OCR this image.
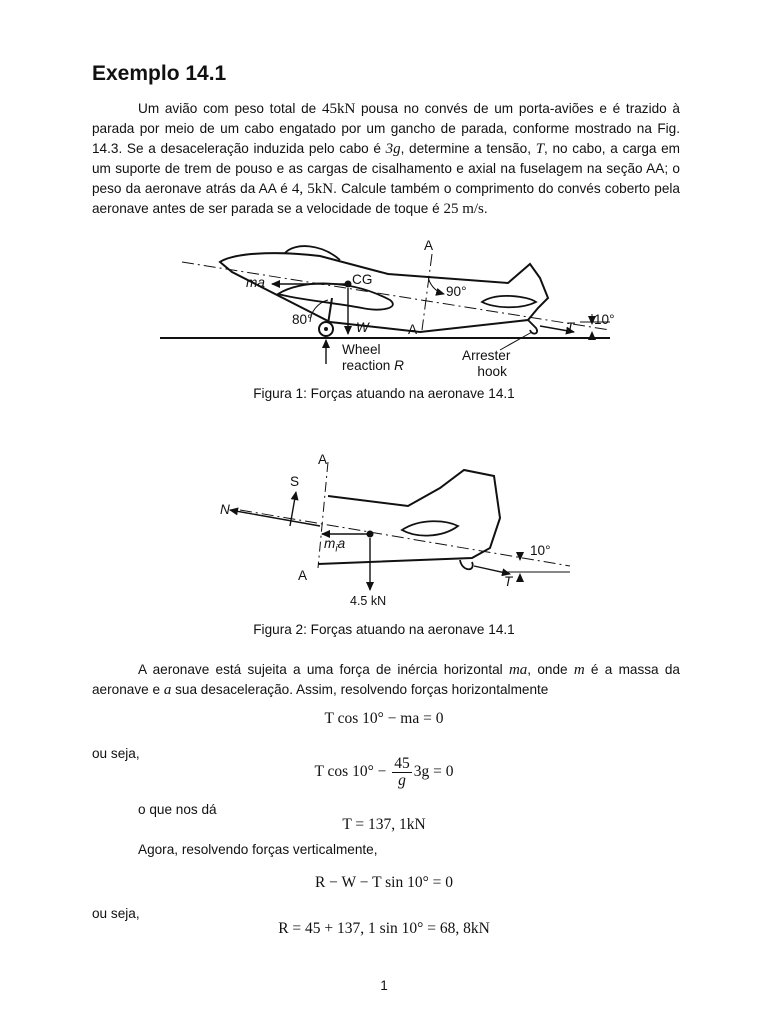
Exemplo 14.1

Um avião com peso total de 45kN pousa no convés de um porta-aviões e é trazido à parada por meio de um cabo engatado por um gancho de parada, conforme mostrado na Fig. 14.3. Se a desaceleração induzida pelo cabo é 3g, determine a tensão, T, no cabo, a carga em um suporte de trem de pouso e as cargas de cisalhamento e axial na fuselagem na seção AA; o peso da aeronave atrás da AA é 4, 5kN. Calcule também o comprimento do convés coberto pela aeronave antes de ser parada se a velocidade de toque é 25 m/s.

A
A
CG
ma
90°
80°
W	T
10°
Wheel
reaction R
Arrester
hook

Figura 1: Forças atuando na aeronave 14.1

A
A
S
N
$m_ia$	10°
T
4.5 kN

Figura 2: Forças atuando na aeronave 14.1

A aeronave está sujeita a uma força de inércia horizontal ma, onde m é a massa da aeronave e a sua desaceleração. Assim, resolvendo forças horizontalmente

T cos 10° − ma = 0

ou seja,

T $\cos 10^\circ - \frac{45}{g} 3g = 0$

o que nos dá

T = 137, 1kN

Agora, resolvendo forças verticalmente,

R − W − T sin 10° = 0

ou seja,

R = 45 + 137, 1 sin 10° = 68, 8kN
1
